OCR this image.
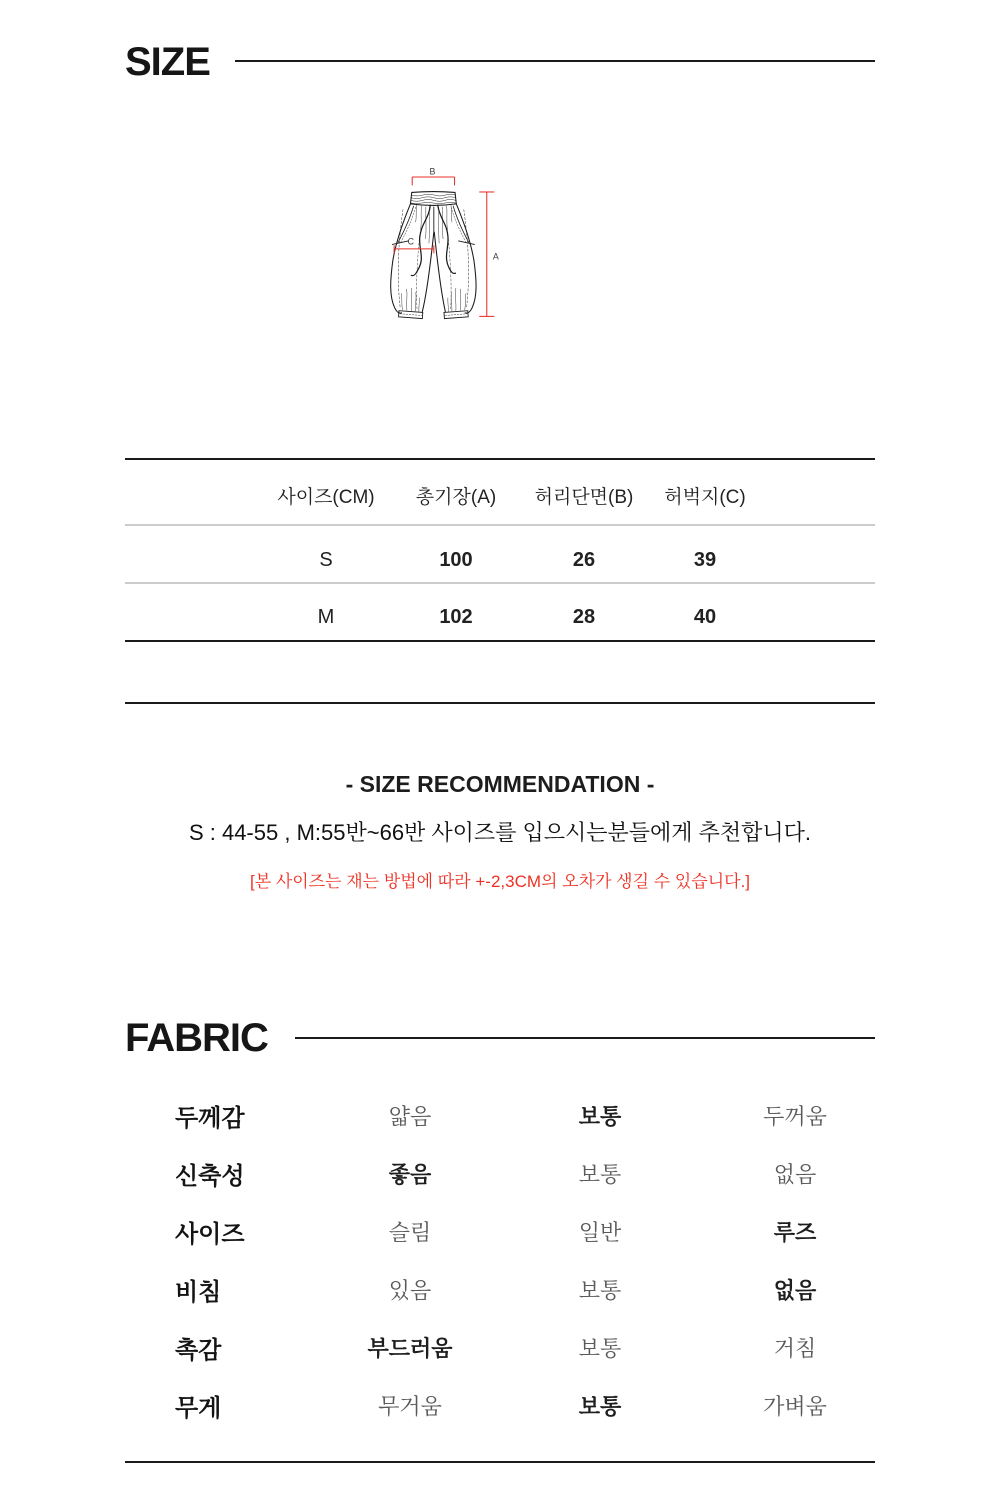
SIZE
B
A
C
사이즈(CM) 총기장(A) 허리단면(B) 허벅지(C)
S	100	26	39
M	102	28	40
- SIZE RECOMMENDATION -
S : 44-55 , M:55반~66반 사이즈를 입으시는분들에게 추천합니다.
[본 사이즈는 재는 방법에 따라 +-2,3CM의 오차가 생길 수 있습니다.]
FABRIC
두께감	얇음	보통	두꺼움
신축성	좋음	보통	없음
사이즈	슬림	일반	루즈
비침	있음	보통	없음
촉감	부드러움	보통	거침
무게	무거움	보통	가벼움
